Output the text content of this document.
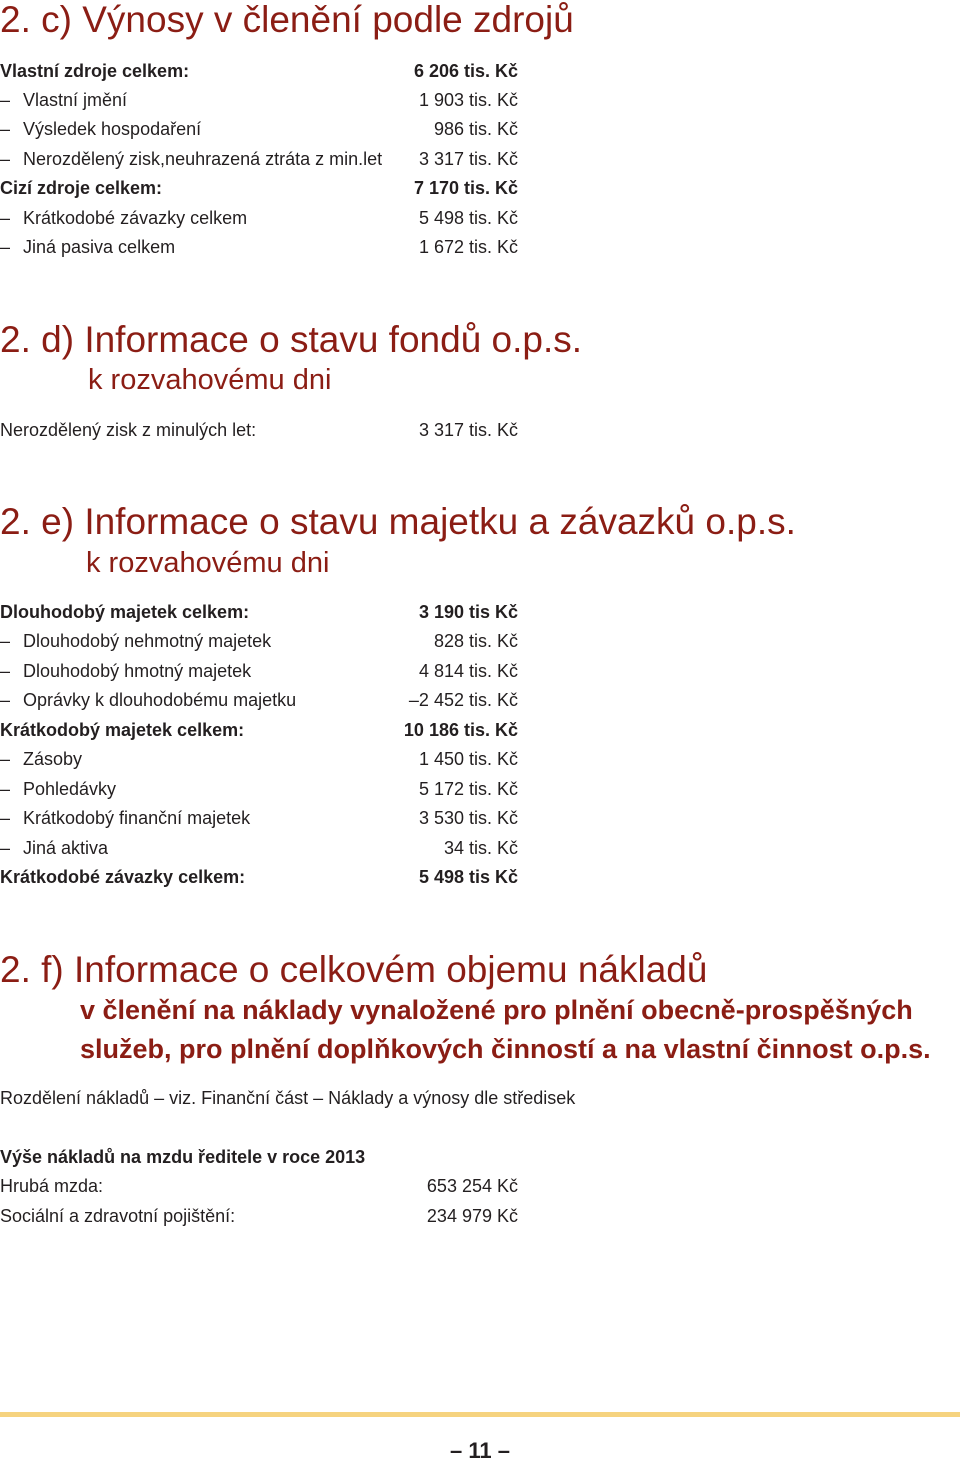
2. c) Výnosy v členění podle zdrojů
Vlastní zdroje celkem:	6 206 tis. Kč
– Vlastní jmění	1 903 tis. Kč
– Výsledek hospodaření	986 tis. Kč
– Nerozdělený zisk,neuhrazená ztráta z min.let 3 317 tis. Kč
Cizí zdroje celkem:	7 170 tis. Kč
– Krátkodobé závazky celkem	5 498 tis. Kč
– Jiná pasiva celkem	1 672 tis. Kč
2. d) Informace o stavu fondů o.p.s.
k rozvahovému dni
Nerozdělený zisk z minulých let:	3 317 tis. Kč
2. e) Informace o stavu majetku a závazků o.p.s.
k rozvahovému dni
Dlouhodobý majetek celkem:	3 190 tis Kč
– Dlouhodobý nehmotný majetek	828 tis. Kč
– Dlouhodobý hmotný majetek	4 814 tis. Kč
– Oprávky k dlouhodobému majetku	–2 452 tis. Kč
Krátkodobý majetek celkem:	10 186 tis. Kč
– Zásoby	1 450 tis. Kč
– Pohledávky	5 172 tis. Kč
– Krátkodobý finanční majetek	3 530 tis. Kč
– Jiná aktiva	34 tis. Kč
Krátkodobé závazky celkem:	5 498 tis Kč
2. f) Informace o celkovém objemu nákladů
v členění na náklady vynaložené pro plnění obecně-prospěšných
služeb, pro plnění doplňkových činností a na vlastní činnost o.p.s.
Rozdělení nákladů – viz. Finanční část – Náklady a výnosy dle středisek
Výše nákladů na mzdu ředitele v roce 2013
Hrubá mzda:	653 254 Kč
Sociální a zdravotní pojištění:	234 979 Kč
– 11 –
